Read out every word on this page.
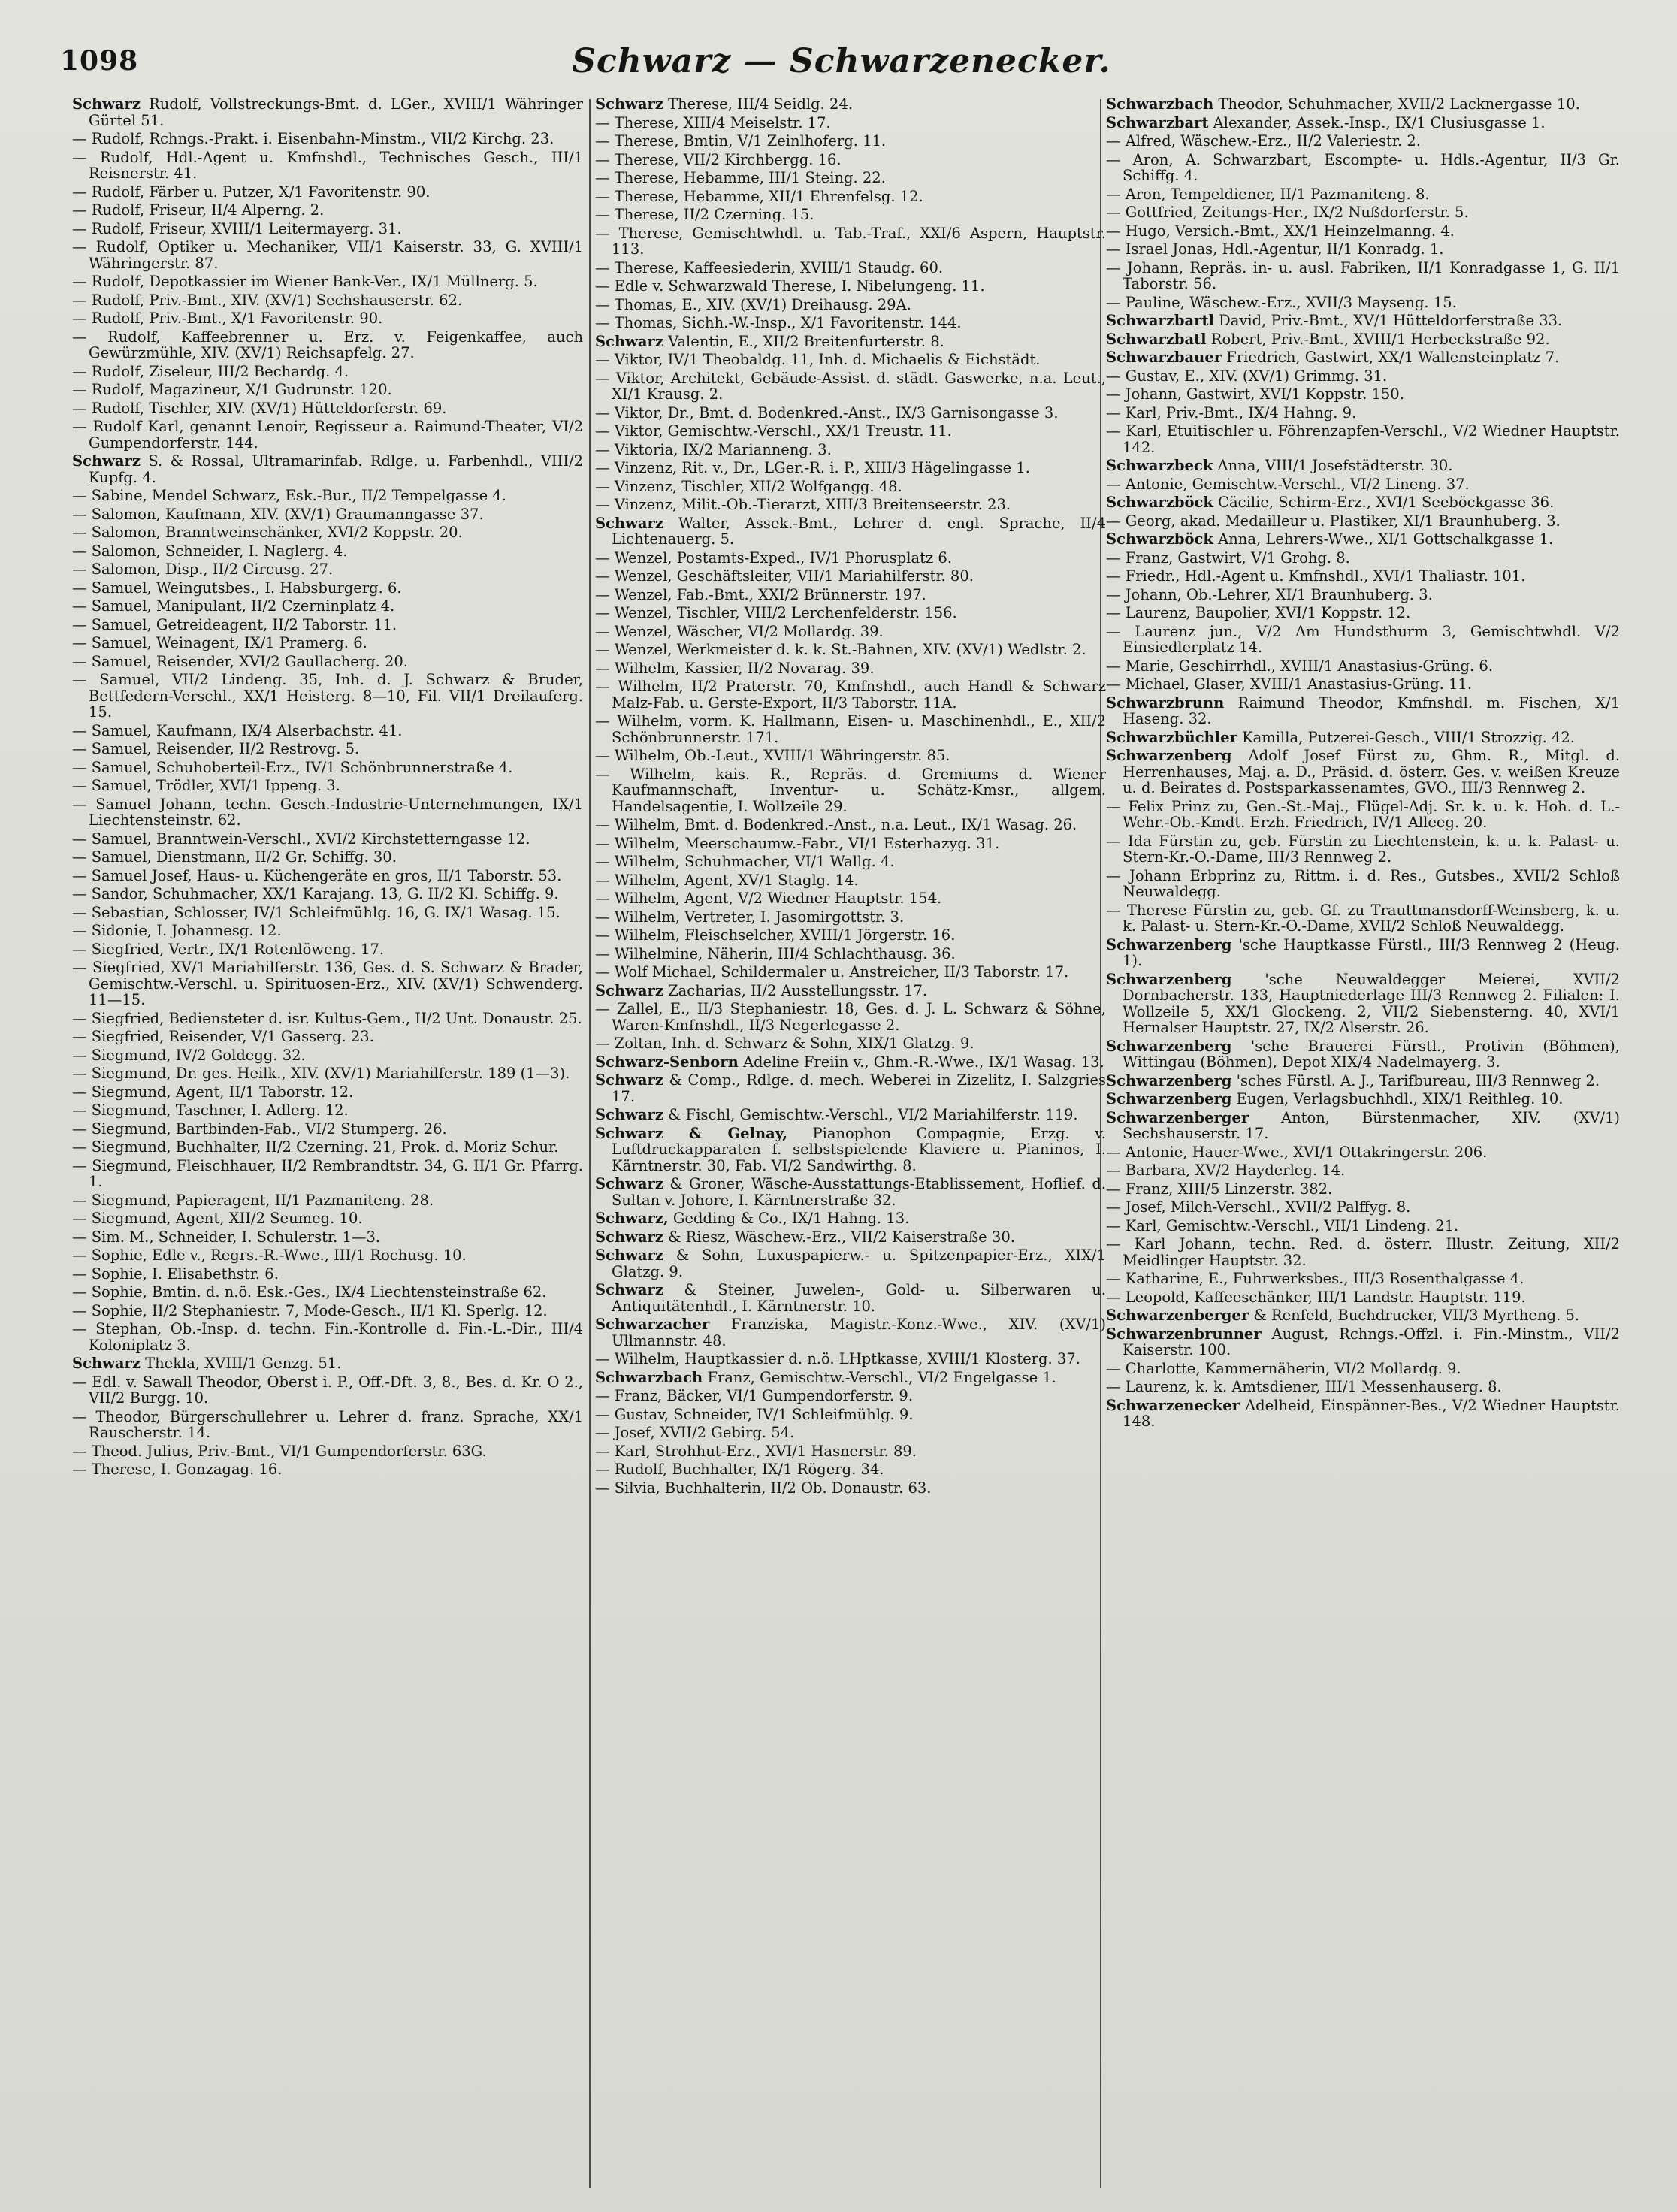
1098	Schwarz — Schwarzenecker.
Schwarz Rudolf, Vollstreckungs-Bmt. d. LGer., XVIII/1 Währinger Gürtel 51.
— Rudolf, Rchngs.-Prakt. i. Eisenbahn-Minstm., VII/2 Kirchg. 23.
— Rudolf, Hdl.-Agent u. Kmfnshdl., Technisches Gesch., III/1 Reisnerstr. 41.
— Rudolf, Färber u. Putzer, X/1 Favoritenstr. 90.
— Rudolf, Friseur, II/4 Alperng. 2.
— Rudolf, Friseur, XVIII/1 Leitermayerg. 31.
— Rudolf, Optiker u. Mechaniker, VII/1 Kaiserstr. 33, G. XVIII/1 Währingerstr. 87.
— Rudolf, Depotkassier im Wiener Bank-Ver., IX/1 Müllnerg. 5.
— Rudolf, Priv.-Bmt., XIV. (XV/1) Sechshauserstr. 62.
— Rudolf, Priv.-Bmt., X/1 Favoritenstr. 90.
— Rudolf, Kaffeebrenner u. Erz. v. Feigenkaffee, auch Gewürzmühle, XIV. (XV/1) Reichsapfelg. 27.
— Rudolf, Ziseleur, III/2 Bechardg. 4.
— Rudolf, Magazineur, X/1 Gudrunstr. 120.
— Rudolf, Tischler, XIV. (XV/1) Hütteldorferstr. 69.
— Rudolf Karl, genannt Lenoir, Regisseur a. Raimund-Theater, VI/2 Gumpendorferstr. 144.
Schwarz S. & Rossal, Ultramarinfab. Rdlge. u. Farbenhdl., VIII/2 Kupfg. 4.
— Sabine, Mendel Schwarz, Esk.-Bur., II/2 Tempelgasse 4.
— Salomon, Kaufmann, XIV. (XV/1) Graumanngasse 37.
— Salomon, Branntweinschänker, XVI/2 Koppstr. 20.
— Salomon, Schneider, I. Naglerg. 4.
— Salomon, Disp., II/2 Circusg. 27.
— Samuel, Weingutsbes., I. Habsburgerg. 6.
— Samuel, Manipulant, II/2 Czerninplatz 4.
— Samuel, Getreideagent, II/2 Taborstr. 11.
— Samuel, Weinagent, IX/1 Pramerg. 6.
— Samuel, Reisender, XVI/2 Gaullacherg. 20.
— Samuel, VII/2 Lindeng. 35, Inh. d. J. Schwarz & Bruder, Bettfedern-Verschl., XX/1 Heisterg. 8—10, Fil. VII/1 Dreilauferg. 15.
— Samuel, Kaufmann, IX/4 Alserbachstr. 41.
— Samuel, Reisender, II/2 Restrovg. 5.
— Samuel, Schuhoberteil-Erz., IV/1 Schönbrunnerstraße 4.
— Samuel, Trödler, XVI/1 Ippeng. 3.
— Samuel Johann, techn. Gesch.-Industrie-Unternehmungen, IX/1 Liechtensteinstr. 62.
— Samuel, Branntwein-Verschl., XVI/2 Kirchstetterngasse 12.
— Samuel, Dienstmann, II/2 Gr. Schiffg. 30.
— Samuel Josef, Haus- u. Küchengeräte en gros, II/1 Taborstr. 53.
— Sandor, Schuhmacher, XX/1 Karajang. 13, G. II/2 Kl. Schiffg. 9.
— Sebastian, Schlosser, IV/1 Schleifmühlg. 16, G. IX/1 Wasag. 15.
— Sidonie, I. Johannesg. 12.
— Siegfried, Vertr., IX/1 Rotenlöweng. 17.
— Siegfried, XV/1 Mariahilferstr. 136, Ges. d. S. Schwarz & Brader, Gemischtw.-Verschl. u. Spirituosen-Erz., XIV. (XV/1) Schwenderg. 11—15.
— Siegfried, Bediensteter d. isr. Kultus-Gem., II/2 Unt. Donaustr. 25.
— Siegfried, Reisender, V/1 Gasserg. 23.
— Siegmund, IV/2 Goldegg. 32.
— Siegmund, Dr. ges. Heilk., XIV. (XV/1) Mariahilferstr. 189 (1—3).
— Siegmund, Agent, II/1 Taborstr. 12.
— Siegmund, Taschner, I. Adlerg. 12.
— Siegmund, Bartbinden-Fab., VI/2 Stumperg. 26.
— Siegmund, Buchhalter, II/2 Czerning. 21, Prok. d. Moriz Schur.
— Siegmund, Fleischhauer, II/2 Rembrandtstr. 34, G. II/1 Gr. Pfarrg. 1.
— Siegmund, Papieragent, II/1 Pazmaniteng. 28.
— Siegmund, Agent, XII/2 Seumeg. 10.
— Sim. M., Schneider, I. Schulerstr. 1—3.
— Sophie, Edle v., Regrs.-R.-Wwe., III/1 Rochusg. 10.
— Sophie, I. Elisabethstr. 6.
— Sophie, Bmtin. d. n.ö. Esk.-Ges., IX/4 Liechtensteinstraße 62.
— Sophie, II/2 Stephaniestr. 7, Mode-Gesch., II/1 Kl. Sperlg. 12.
— Stephan, Ob.-Insp. d. techn. Fin.-Kontrolle d. Fin.-L.-Dir., III/4 Koloniplatz 3.
Schwarz Thekla, XVIII/1 Genzg. 51.
— Edl. v. Sawall Theodor, Oberst i. P., Off.-Dft. 3, 8., Bes. d. Kr. O 2., VII/2 Burgg. 10.
— Theodor, Bürgerschullehrer u. Lehrer d. franz. Sprache, XX/1 Rauscherstr. 14.
— Theod. Julius, Priv.-Bmt., VI/1 Gumpendorferstr. 63G.
— Therese, I. Gonzagag. 16.
Schwarz Therese, III/4 Seidlg. 24.
— Therese, XIII/4 Meiselstr. 17.
— Therese, Bmtin, V/1 Zeinlhoferg. 11.
— Therese, VII/2 Kirchbergg. 16.
— Therese, Hebamme, III/1 Steing. 22.
— Therese, Hebamme, XII/1 Ehrenfelsg. 12.
— Therese, II/2 Czerning. 15.
— Therese, Gemischtwhdl. u. Tab.-Traf., XXI/6 Aspern, Hauptstr. 113.
— Therese, Kaffeesiederin, XVIII/1 Staudg. 60.
— Edle v. Schwarzwald Therese, I. Nibelungeng. 11.
— Thomas, E., XIV. (XV/1) Dreihausg. 29A.
— Thomas, Sichh.-W.-Insp., X/1 Favoritenstr. 144.
Schwarz Valentin, E., XII/2 Breitenfurterstr. 8.
— Viktor, IV/1 Theobaldg. 11, Inh. d. Michaelis & Eichstädt.
— Viktor, Architekt, Gebäude-Assist. d. städt. Gaswerke, n.a. Leut., XI/1 Krausg. 2.
— Viktor, Dr., Bmt. d. Bodenkred.-Anst., IX/3 Garnisongasse 3.
— Viktor, Gemischtw.-Verschl., XX/1 Treustr. 11.
— Viktoria, IX/2 Marianneng. 3.
— Vinzenz, Rit. v., Dr., LGer.-R. i. P., XIII/3 Hägelingasse 1.
— Vinzenz, Tischler, XII/2 Wolfgangg. 48.
— Vinzenz, Milit.-Ob.-Tierarzt, XIII/3 Breitenseerstr. 23.
Schwarz Walter, Assek.-Bmt., Lehrer d. engl. Sprache, II/4 Lichtenauerg. 5.
— Wenzel, Postamts-Exped., IV/1 Phorusplatz 6.
— Wenzel, Geschäftsleiter, VII/1 Mariahilferstr. 80.
— Wenzel, Fab.-Bmt., XXI/2 Brünnerstr. 197.
— Wenzel, Tischler, VIII/2 Lerchenfelderstr. 156.
— Wenzel, Wäscher, VI/2 Mollardg. 39.
— Wenzel, Werkmeister d. k. k. St.-Bahnen, XIV. (XV/1) Wedlstr. 2.
— Wilhelm, Kassier, II/2 Novarag. 39.
— Wilhelm, II/2 Praterstr. 70, Kmfnshdl., auch Handl & Schwarz Malz-Fab. u. Gerste-Export, II/3 Taborstr. 11A.
— Wilhelm, vorm. K. Hallmann, Eisen- u. Maschinenhdl., E., XII/2 Schönbrunnerstr. 171.
— Wilhelm, Ob.-Leut., XVIII/1 Währingerstr. 85.
— Wilhelm, kais. R., Repräs. d. Gremiums d. Wiener Kaufmannschaft, Inventur- u. Schätz-Kmsr., allgem. Handelsagentie, I. Wollzeile 29.
— Wilhelm, Bmt. d. Bodenkred.-Anst., n.a. Leut., IX/1 Wasag. 26.
— Wilhelm, Meerschaumw.-Fabr., VI/1 Esterhazyg. 31.
— Wilhelm, Schuhmacher, VI/1 Wallg. 4.
— Wilhelm, Agent, XV/1 Staglg. 14.
— Wilhelm, Agent, V/2 Wiedner Hauptstr. 154.
— Wilhelm, Vertreter, I. Jasomirgottstr. 3.
— Wilhelm, Fleischselcher, XVIII/1 Jörgerstr. 16.
— Wilhelmine, Näherin, III/4 Schlachthausg. 36.
— Wolf Michael, Schildermaler u. Anstreicher, II/3 Taborstr. 17.
Schwarz Zacharias, II/2 Ausstellungsstr. 17.
— Zallel, E., II/3 Stephaniestr. 18, Ges. d. J. L. Schwarz & Söhne, Waren-Kmfnshdl., II/3 Negerlegasse 2.
— Zoltan, Inh. d. Schwarz & Sohn, XIX/1 Glatzg. 9.
Schwarz-Senborn Adeline Freiin v., Ghm.-R.-Wwe., IX/1 Wasag. 13.
Schwarz & Comp., Rdlge. d. mech. Weberei in Zizelitz, I. Salzgries 17.
Schwarz & Fischl, Gemischtw.-Verschl., VI/2 Mariahilferstr. 119.
Schwarz & Gelnay, Pianophon Compagnie, Erzg. v. Luftdruckapparaten f. selbstspielende Klaviere u. Pianinos, I. Kärntnerstr. 30, Fab. VI/2 Sandwirthg. 8.
Schwarz & Groner, Wäsche-Ausstattungs-Etablissement, Hoflief. d. Sultan v. Johore, I. Kärntnerstraße 32.
Schwarz, Gedding & Co., IX/1 Hahng. 13.
Schwarz & Riesz, Wäschew.-Erz., VII/2 Kaiserstraße 30.
Schwarz & Sohn, Luxuspapierw.- u. Spitzenpapier-Erz., XIX/1 Glatzg. 9.
Schwarz & Steiner, Juwelen-, Gold- u. Silberwaren u. Antiquitätenhdl., I. Kärntnerstr. 10.
Schwarzacher Franziska, Magistr.-Konz.-Wwe., XIV. (XV/1) Ullmannstr. 48.
— Wilhelm, Hauptkassier d. n.ö. LHptkasse, XVIII/1 Klosterg. 37.
Schwarzbach Franz, Gemischtw.-Verschl., VI/2 Engelgasse 1.
— Franz, Bäcker, VI/1 Gumpendorferstr. 9.
— Gustav, Schneider, IV/1 Schleifmühlg. 9.
— Josef, XVII/2 Gebirg. 54.
— Karl, Strohhut-Erz., XVI/1 Hasnerstr. 89.
— Rudolf, Buchhalter, IX/1 Rögerg. 34.
— Silvia, Buchhalterin, II/2 Ob. Donaustr. 63.
Schwarzbach Theodor, Schuhmacher, XVII/2 Lacknergasse 10.
Schwarzbart Alexander, Assek.-Insp., IX/1 Clusiusgasse 1.
— Alfred, Wäschew.-Erz., II/2 Valeriestr. 2.
— Aron, A. Schwarzbart, Escompte- u. Hdls.-Agentur, II/3 Gr. Schiffg. 4.
— Aron, Tempeldiener, II/1 Pazmaniteng. 8.
— Gottfried, Zeitungs-Her., IX/2 Nußdorferstr. 5.
— Hugo, Versich.-Bmt., XX/1 Heinzelmanng. 4.
— Israel Jonas, Hdl.-Agentur, II/1 Konradg. 1.
— Johann, Repräs. in- u. ausl. Fabriken, II/1 Konradgasse 1, G. II/1 Taborstr. 56.
— Pauline, Wäschew.-Erz., XVII/3 Mayseng. 15.
Schwarzbartl David, Priv.-Bmt., XV/1 Hütteldorferstraße 33.
Schwarzbatl Robert, Priv.-Bmt., XVIII/1 Herbeckstraße 92.
Schwarzbauer Friedrich, Gastwirt, XX/1 Wallensteinplatz 7.
— Gustav, E., XIV. (XV/1) Grimmg. 31.
— Johann, Gastwirt, XVI/1 Koppstr. 150.
— Karl, Priv.-Bmt., IX/4 Hahng. 9.
— Karl, Etuitischler u. Föhrenzapfen-Verschl., V/2 Wiedner Hauptstr. 142.
Schwarzbeck Anna, VIII/1 Josefstädterstr. 30.
— Antonie, Gemischtw.-Verschl., VI/2 Lineng. 37.
Schwarzböck Cäcilie, Schirm-Erz., XVI/1 Seeböckgasse 36.
— Georg, akad. Medailleur u. Plastiker, XI/1 Braunhuberg. 3.
Schwarzböck Anna, Lehrers-Wwe., XI/1 Gottschalkgasse 1.
— Franz, Gastwirt, V/1 Grohg. 8.
— Friedr., Hdl.-Agent u. Kmfnshdl., XVI/1 Thaliastr. 101.
— Johann, Ob.-Lehrer, XI/1 Braunhuberg. 3.
— Laurenz, Baupolier, XVI/1 Koppstr. 12.
— Laurenz jun., V/2 Am Hundsthurm 3, Gemischtwhdl. V/2 Einsiedlerplatz 14.
— Marie, Geschirrhdl., XVIII/1 Anastasius-Grüng. 6.
— Michael, Glaser, XVIII/1 Anastasius-Grüng. 11.
Schwarzbrunn Raimund Theodor, Kmfnshdl. m. Fischen, X/1 Haseng. 32.
Schwarzbüchler Kamilla, Putzerei-Gesch., VIII/1 Strozzig. 42.
Schwarzenberg Adolf Josef Fürst zu, Ghm. R., Mitgl. d. Herrenhauses, Maj. a. D., Präsid. d. österr. Ges. v. weißen Kreuze u. d. Beirates d. Postsparkassenamtes, GVO., III/3 Rennweg 2.
— Felix Prinz zu, Gen.-St.-Maj., Flügel-Adj. Sr. k. u. k. Hoh. d. L.-Wehr.-Ob.-Kmdt. Erzh. Friedrich, IV/1 Alleeg. 20.
— Ida Fürstin zu, geb. Fürstin zu Liechtenstein, k. u. k. Palast- u. Stern-Kr.-O.-Dame, III/3 Rennweg 2.
— Johann Erbprinz zu, Rittm. i. d. Res., Gutsbes., XVII/2 Schloß Neuwaldegg.
— Therese Fürstin zu, geb. Gf. zu Trauttmansdorff-Weinsberg, k. u. k. Palast- u. Stern-Kr.-O.-Dame, XVII/2 Schloß Neuwaldegg.
Schwarzenberg 'sche Hauptkasse Fürstl., III/3 Rennweg 2 (Heug. 1).
Schwarzenberg 'sche Neuwaldegger Meierei, XVII/2 Dornbacherstr. 133, Hauptniederlage III/3 Rennweg 2. Filialen: I. Wollzeile 5, XX/1 Glockeng. 2, VII/2 Siebensterng. 40, XVI/1 Hernalser Hauptstr. 27, IX/2 Alserstr. 26.
Schwarzenberg 'sche Brauerei Fürstl., Protivin (Böhmen), Wittingau (Böhmen), Depot XIX/4 Nadelmayerg. 3.
Schwarzenberg 'sches Fürstl. A. J., Tarifbureau, III/3 Rennweg 2.
Schwarzenberg Eugen, Verlagsbuchhdl., XIX/1 Reithleg. 10.
Schwarzenberger Anton, Bürstenmacher, XIV. (XV/1) Sechshauserstr. 17.
— Antonie, Hauer-Wwe., XVI/1 Ottakringerstr. 206.
— Barbara, XV/2 Hayderleg. 14.
— Franz, XIII/5 Linzerstr. 382.
— Josef, Milch-Verschl., XVII/2 Palffyg. 8.
— Karl, Gemischtw.-Verschl., VII/1 Lindeng. 21.
— Karl Johann, techn. Red. d. österr. Illustr. Zeitung, XII/2 Meidlinger Hauptstr. 32.
— Katharine, E., Fuhrwerksbes., III/3 Rosenthalgasse 4.
— Leopold, Kaffeeschänker, III/1 Landstr. Hauptstr. 119.
Schwarzenberger & Renfeld, Buchdrucker, VII/3 Myrtheng. 5.
Schwarzenbrunner August, Rchngs.-Offzl. i. Fin.-Minstm., VII/2 Kaiserstr. 100.
— Charlotte, Kammernäherin, VI/2 Mollardg. 9.
— Laurenz, k. k. Amtsdiener, III/1 Messenhauserg. 8.
Schwarzenecker Adelheid, Einspänner-Bes., V/2 Wiedner Hauptstr. 148.
